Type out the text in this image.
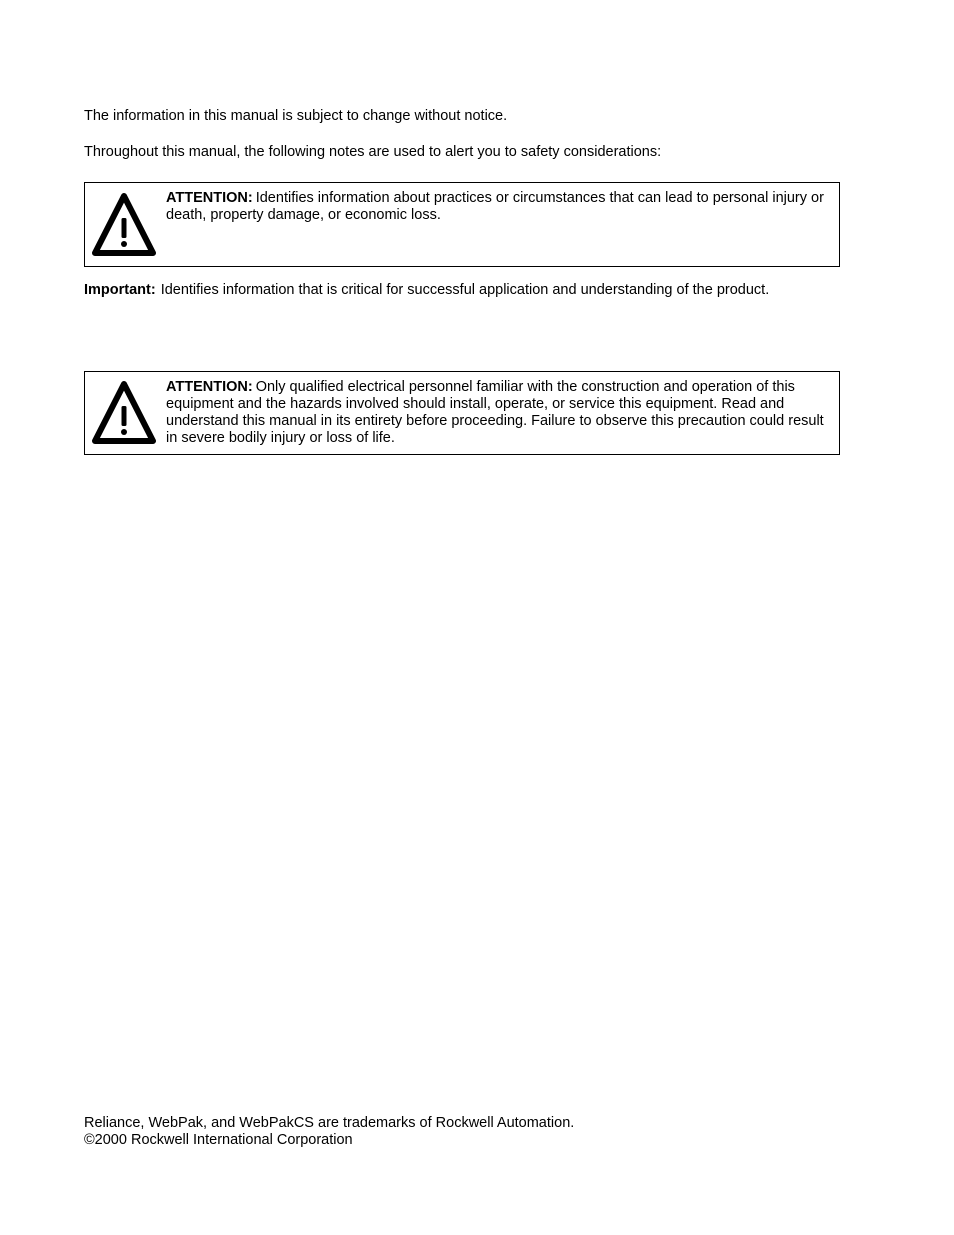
The information in this manual is subject to change without notice.

Throughout this manual, the following notes are used to alert you to safety considerations:

ATTENTION: Identifies information about practices or circumstances that can lead to personal injury or death, property damage, or economic loss.

Important: Identifies information that is critical for successful application and understanding of the product.

ATTENTION: Only qualified electrical personnel familiar with the construction and operation of this equipment and the hazards involved should install, operate, or service this equipment. Read and understand this manual in its entirety before proceeding. Failure to observe this precaution could result in severe bodily injury or loss of life.

Reliance, WebPak, and WebPakCS are trademarks of Rockwell Automation.
©2000 Rockwell International Corporation
